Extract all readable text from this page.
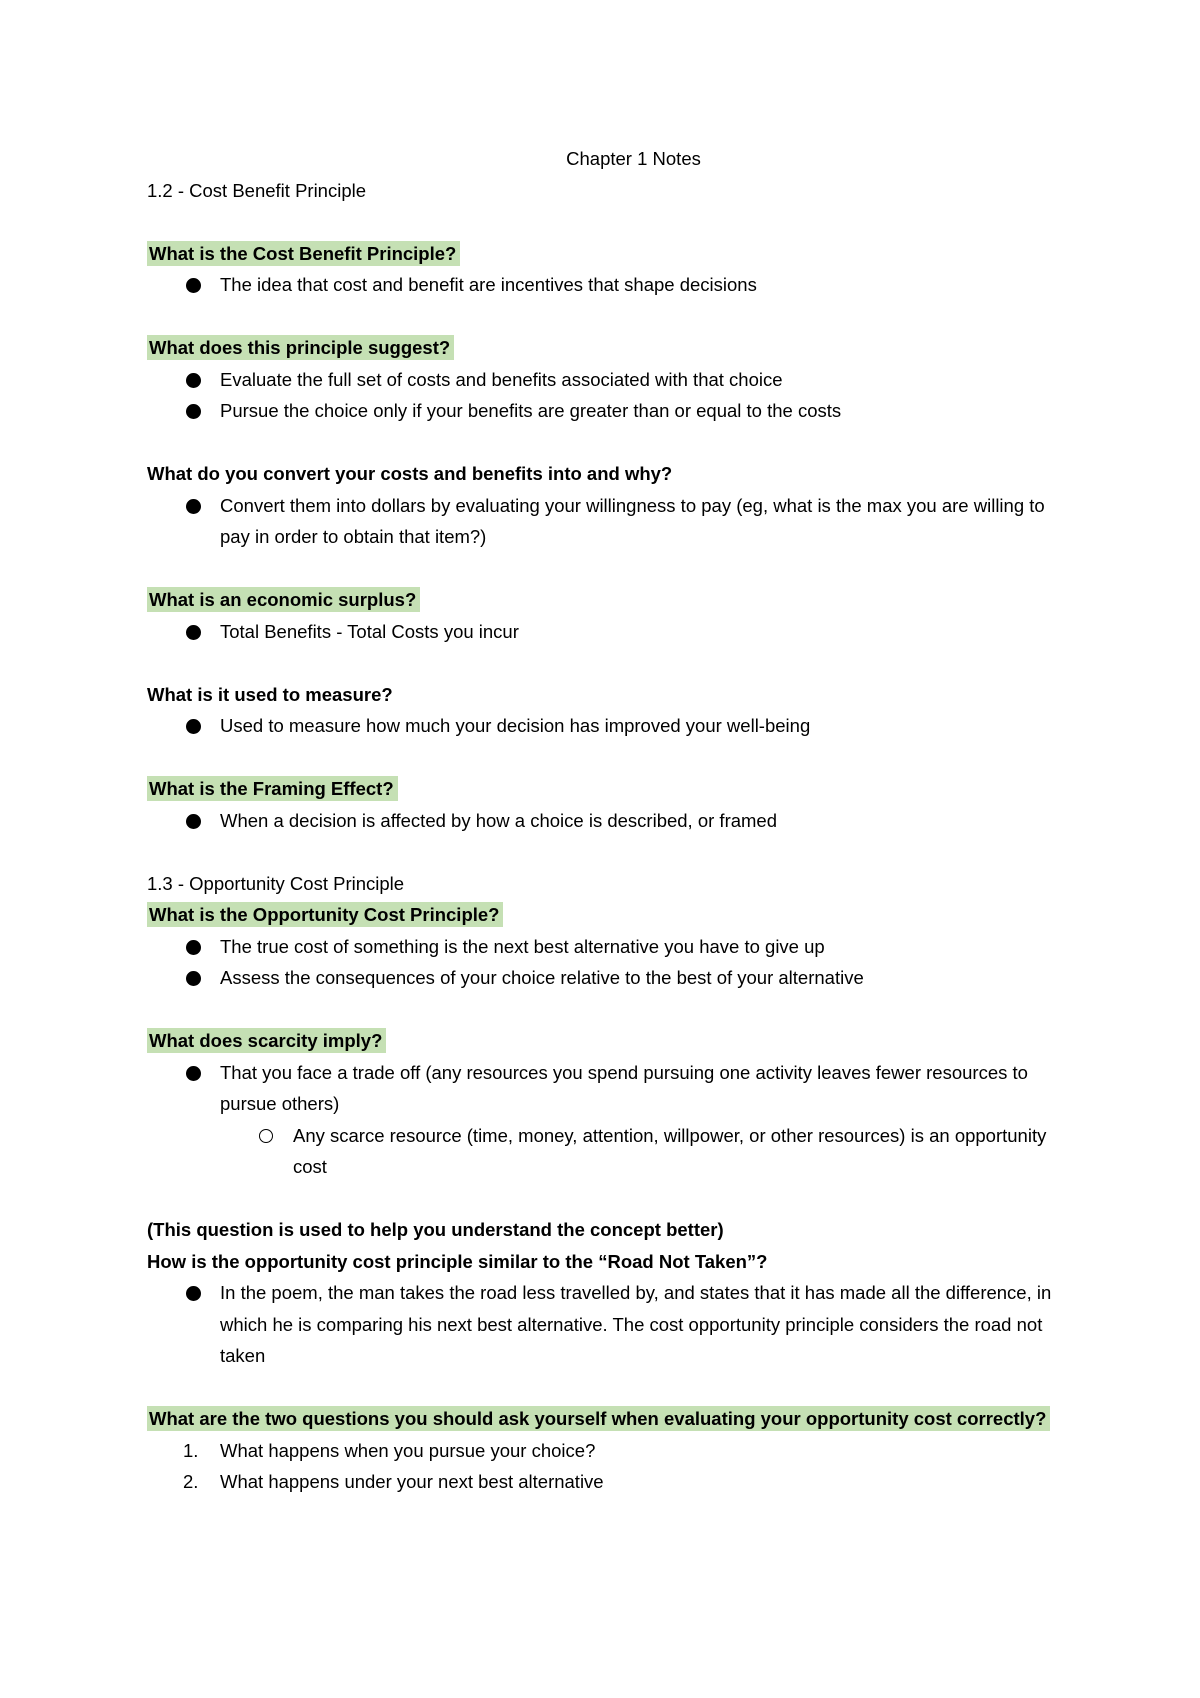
Chapter 1 Notes

1.2 - Cost Benefit Principle

What is the Cost Benefit Principle?

The idea that cost and benefit are incentives that shape decisions

What does this principle suggest?

Evaluate the full set of costs and benefits associated with that choice
Pursue the choice only if your benefits are greater than or equal to the costs

What do you convert your costs and benefits into and why?

Convert them into dollars by evaluating your willingness to pay (eg, what is the max you are willing to pay in order to obtain that item?)

What is an economic surplus?

Total Benefits - Total Costs you incur

What is it used to measure?

Used to measure how much your decision has improved your well-being

What is the Framing Effect?

When a decision is affected by how a choice is described, or framed

1.3 - Opportunity Cost Principle

What is the Opportunity Cost Principle?

The true cost of something is the next best alternative you have to give up
Assess the consequences of your choice relative to the best of your alternative

What does scarcity imply?

That you face a trade off (any resources you spend pursuing one activity leaves fewer resources to pursue others)
Any scarce resource (time, money, attention, willpower, or other resources) is an opportunity cost

(This question is used to help you understand the concept better)

How is the opportunity cost principle similar to the “Road Not Taken”?

In the poem, the man takes the road less travelled by, and states that it has made all the difference, in which he is comparing his next best alternative. The cost opportunity principle considers the road not taken

What are the two questions you should ask yourself when evaluating your opportunity cost correctly?

1. What happens when you pursue your choice?
2. What happens under your next best alternative
